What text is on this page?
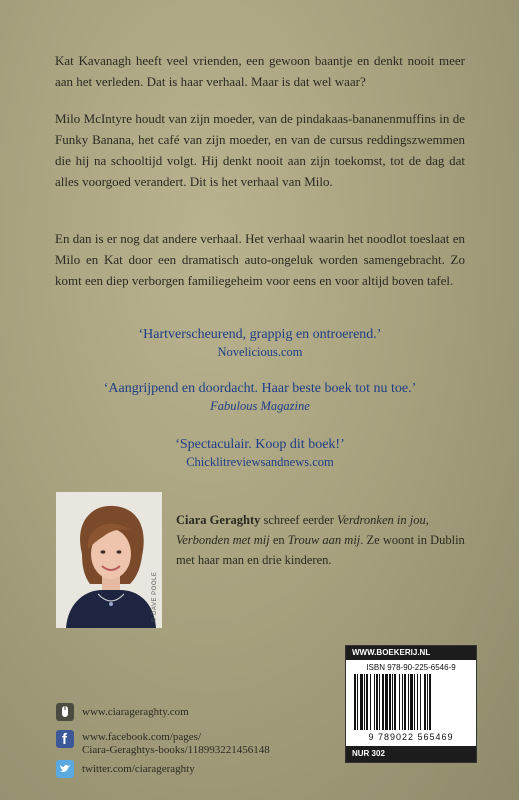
Kat Kavanagh heeft veel vrienden, een gewoon baantje en denkt nooit meer aan het verleden. Dat is haar verhaal. Maar is dat wel waar?

Milo McIntyre houdt van zijn moeder, van de pindakaas-bananenmuffins in de Funky Banana, het café van zijn moeder, en van de cursus reddingszwemmen die hij na schooltijd volgt. Hij denkt nooit aan zijn toekomst, tot de dag dat alles voorgoed verandert. Dit is het verhaal van Milo.

En dan is er nog dat andere verhaal. Het verhaal waarin het noodlot toeslaat en Milo en Kat door een dramatisch auto-ongeluk worden samengebracht. Zo komt een diep verborgen familiegeheim voor eens en voor altijd boven tafel.

‘Hartverscheurend, grappig en ontroerend.’
Novelicious.com
‘Aangrijpend en doordacht. Haar beste boek tot nu toe.’
Fabulous Magazine
‘Spectaculair. Koop dit boek!’
Chicklitreviewsandnews.com
© DAVE POOLE

Ciara Geraghty schreef eerder Verdronken in jou, Verbonden met mij en Trouw aan mij. Ze woont in Dublin met haar man en drie kinderen.

WWW.BOEKERIJ.NL
ISBN 978-90-225-6546-9
9 789022 565469
NUR 302
www.ciarageraghty.com
f www.facebook.com/pages/
Ciara-Geraghtys-books/118993221456148
twitter.com/ciarageraghty
